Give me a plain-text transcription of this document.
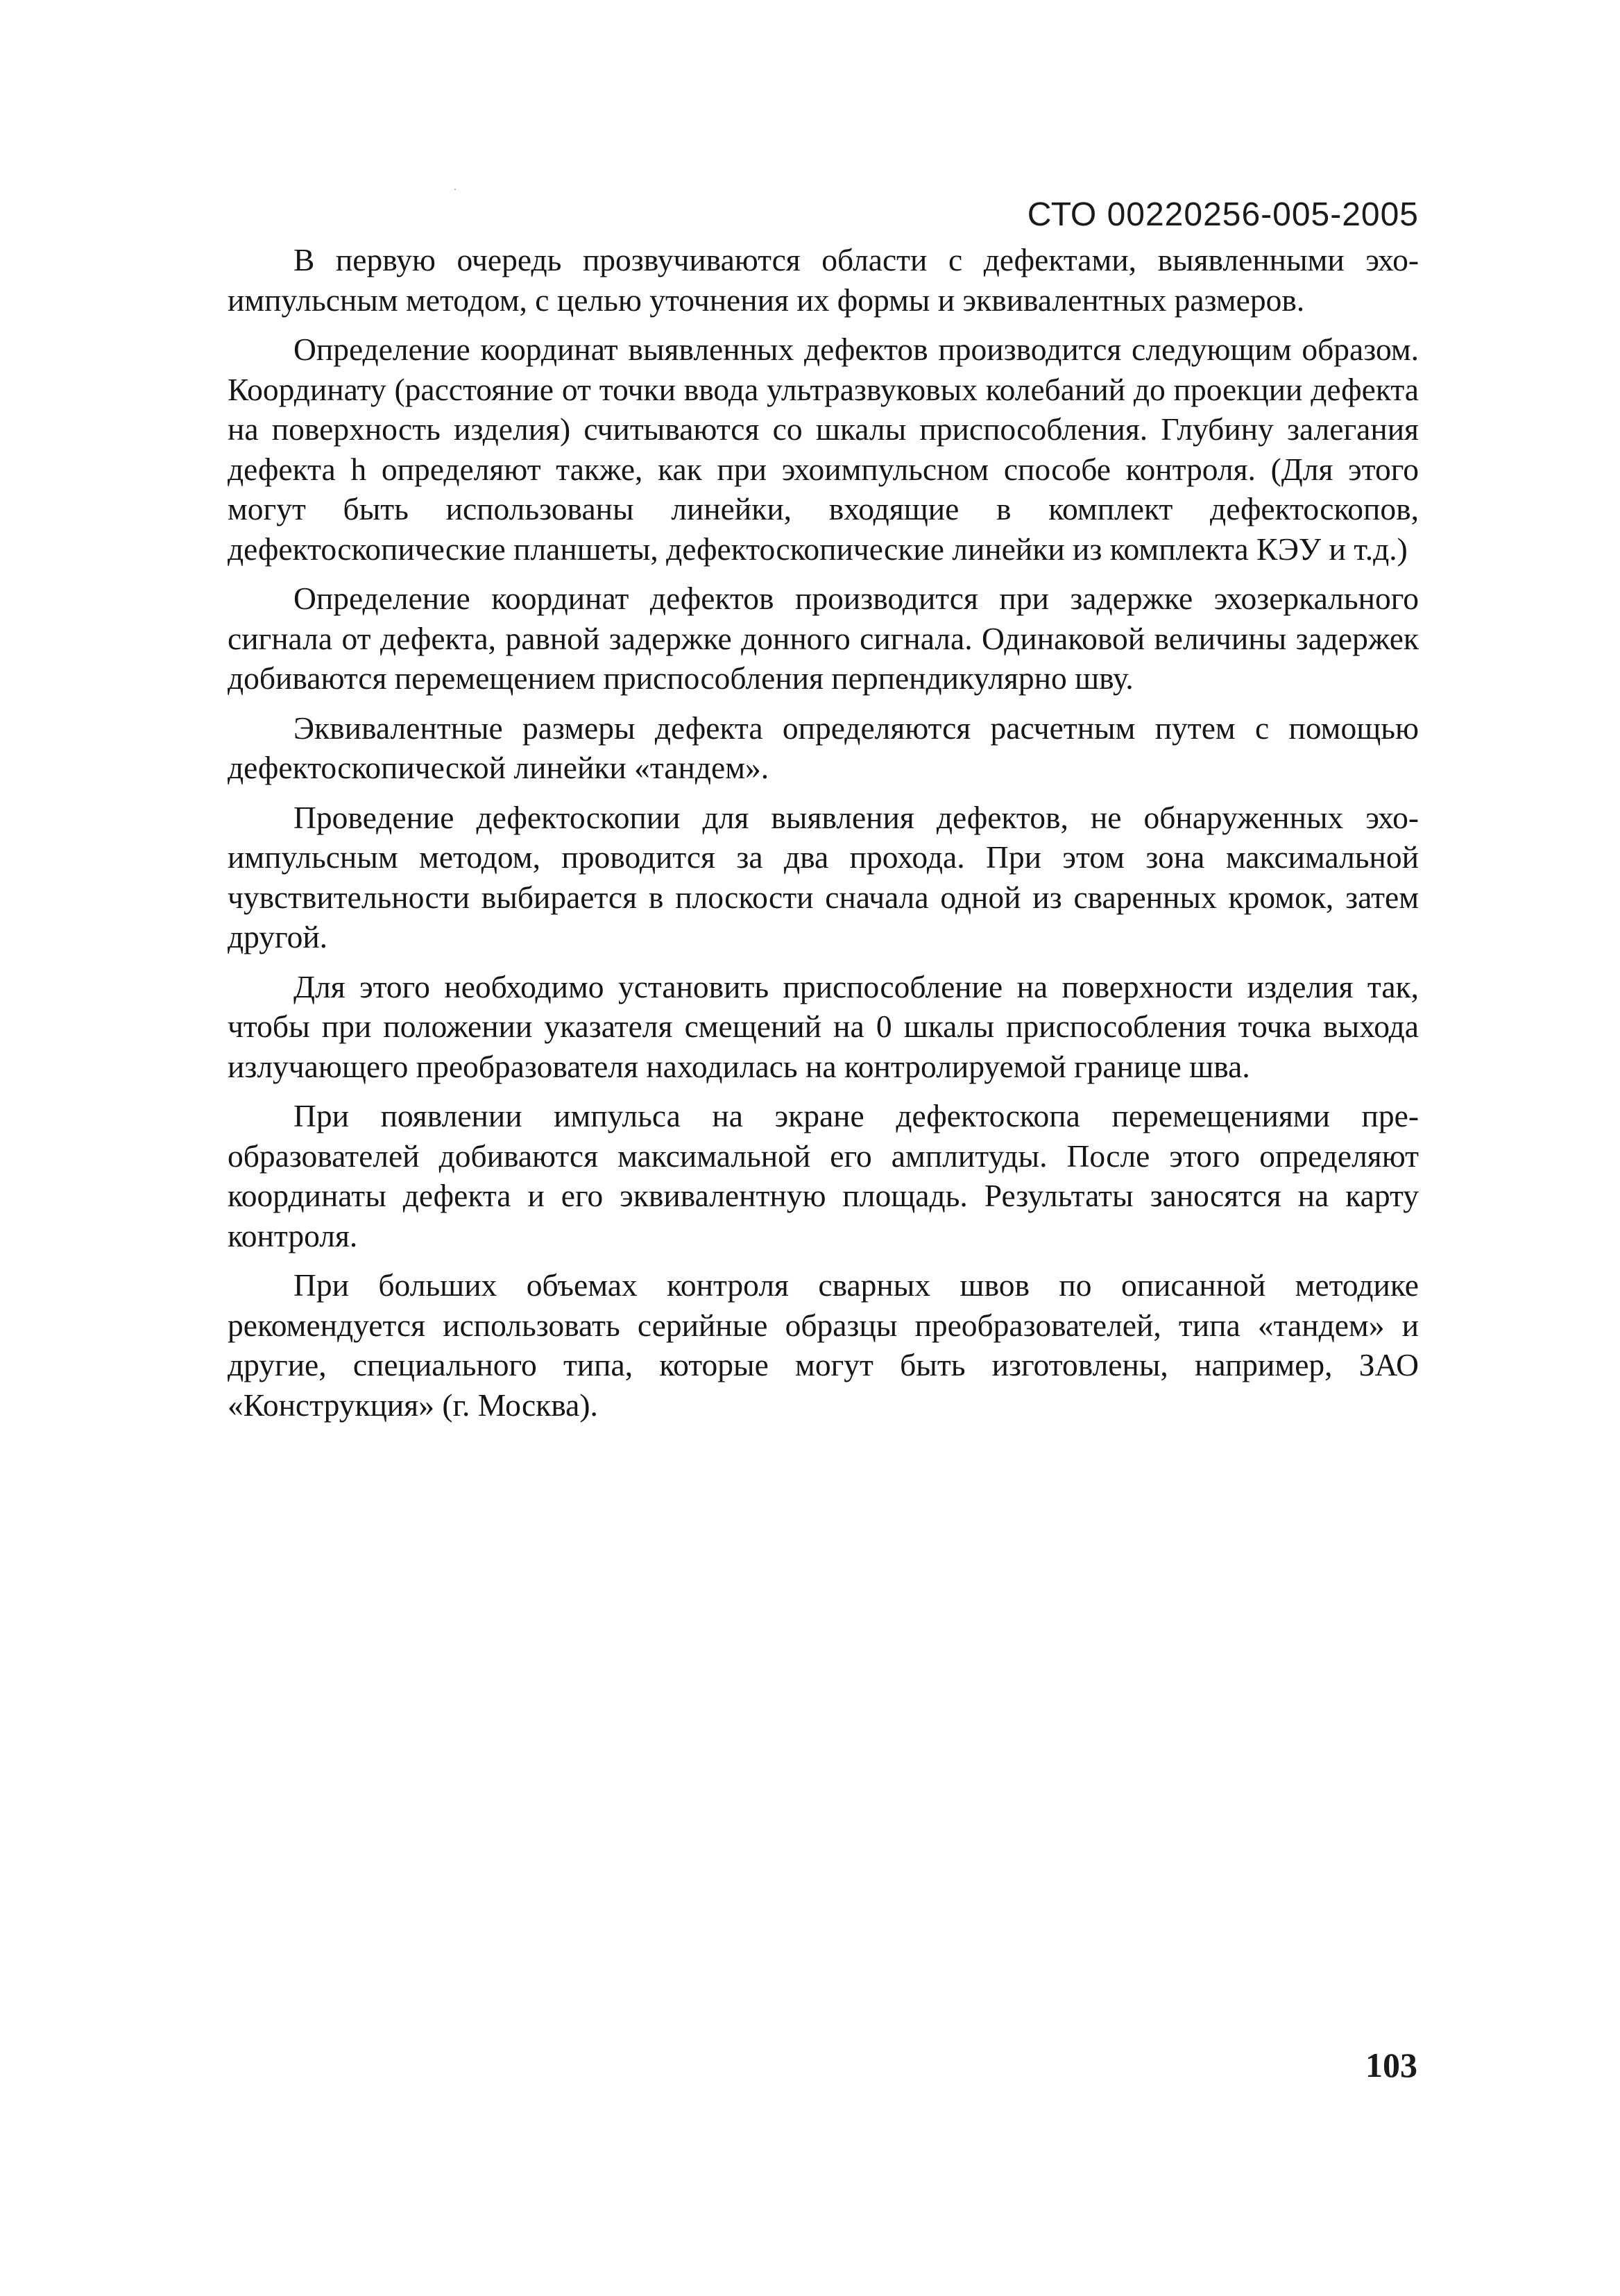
СТО 00220256-005-2005

В первую очередь прозвучиваются области с дефектами, выявленными эхо-импульсным методом, с целью уточнения их формы и эквивалентных размеров.

Определение координат выявленных дефектов производится следующим образом. Координату (расстояние от точки ввода ультразвуковых колебаний до проекции дефекта на поверхность изделия) считываются со шкалы приспособления. Глубину залегания дефекта h определяют также, как при эхоимпульсном способе контроля. (Для этого могут быть использованы линейки, входящие в комплект дефектоскопов, дефектоскопические планшеты, дефектоскопические линейки из комплекта КЭУ и т.д.)

Определение координат дефектов производится при задержке эхозеркального сигнала от дефекта, равной задержке донного сигнала. Одинаковой величины задержек добиваются перемещением приспособления перпендикулярно шву.

Эквивалентные размеры дефекта определяются расчетным путем с помощью дефектоскопической линейки «тандем».

Проведение дефектоскопии для выявления дефектов, не обнаруженных эхо-импульсным методом, проводится за два прохода. При этом зона максимальной чувствительности выбирается в плоскости сначала одной из сваренных кромок, затем другой.

Для этого необходимо установить приспособление на поверхности изделия так, чтобы при положении указателя смещений на 0 шкалы приспособления точка выхода излучающего преобразователя находилась на контролируемой границе шва.

При появлении импульса на экране дефектоскопа перемещениями преобразователей добиваются максимальной его амплитуды. После этого определяют координаты дефекта и его эквивалентную площадь. Результаты заносятся на карту контроля.

При больших объемах контроля сварных швов по описанной методике рекомендуется использовать серийные образцы преобразователей, типа «тандем» и другие, специального типа, которые могут быть изготовлены, например, ЗАО «Конструкция» (г. Москва).

103
